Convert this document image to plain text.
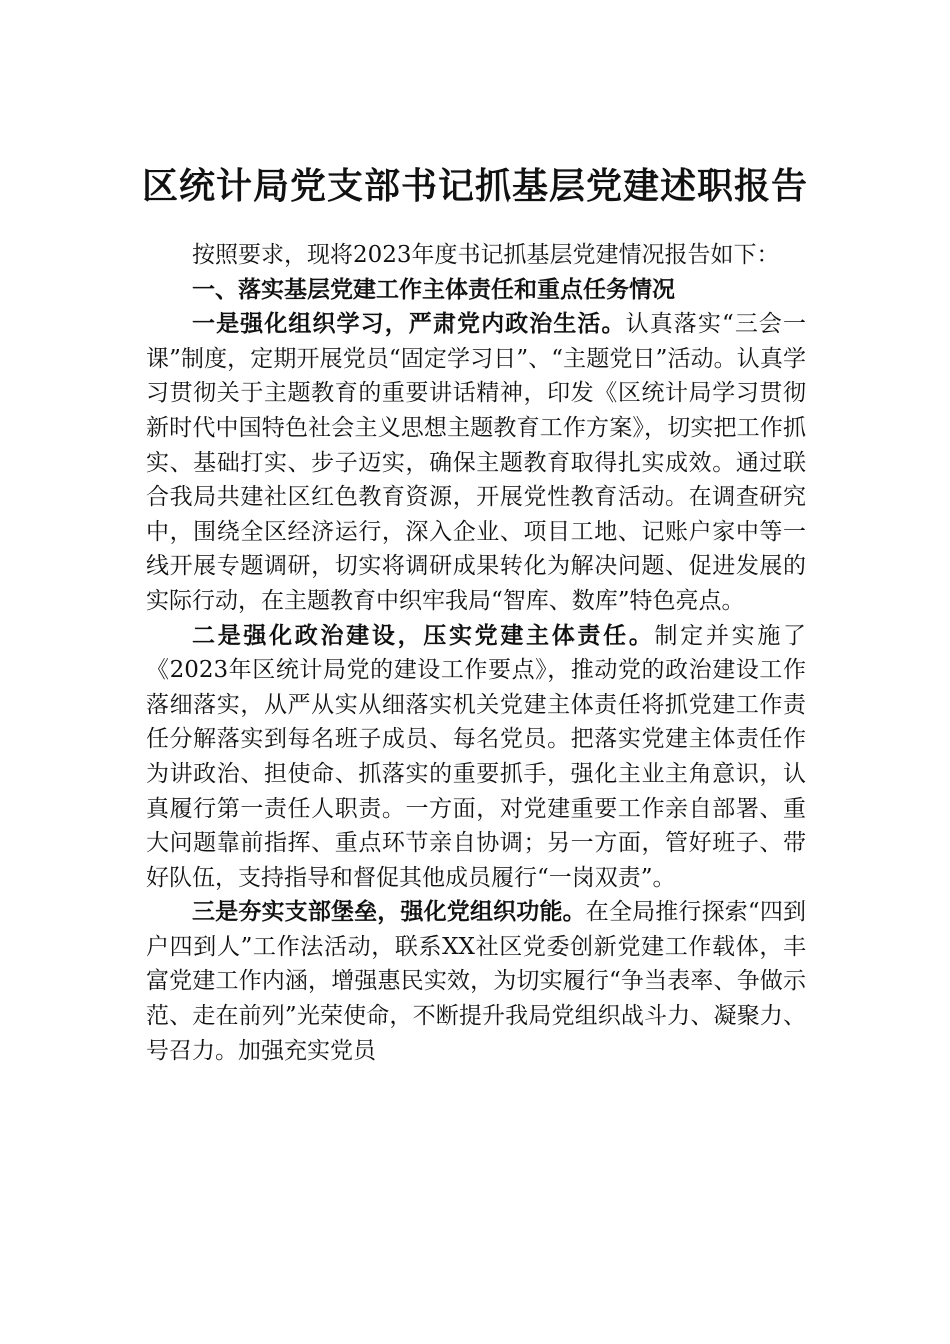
区统计局党支部书记抓基层党建述职报告

按照要求，现将2023年度书记抓基层党建情况报告如下：

一、落实基层党建工作主体责任和重点任务情况

一是强化组织学习，严肃党内政治生活。认真落实“三会一课”制度，定期开展党员“固定学习日”、“主题党日”活动。认真学习贯彻关于主题教育的重要讲话精神，印发《区统计局学习贯彻新时代中国特色社会主义思想主题教育工作方案》，切实把工作抓实、基础打实、步子迈实，确保主题教育取得扎实成效。通过联合我局共建社区红色教育资源，开展党性教育活动。在调查研究中，围绕全区经济运行，深入企业、项目工地、记账户家中等一线开展专题调研，切实将调研成果转化为解决问题、促进发展的实际行动，在主题教育中织牢我局“智库、数库”特色亮点。

二是强化政治建设，压实党建主体责任。制定并实施了《2023年区统计局党的建设工作要点》，推动党的政治建设工作落细落实，从严从实从细落实机关党建主体责任将抓党建工作责任分解落实到每名班子成员、每名党员。把落实党建主体责任作为讲政治、担使命、抓落实的重要抓手，强化主业主角意识，认真履行第一责任人职责。一方面，对党建重要工作亲自部署、重大问题靠前指挥、重点环节亲自协调；另一方面，管好班子、带好队伍，支持指导和督促其他成员履行“一岗双责”。

三是夯实支部堡垒，强化党组织功能。在全局推行探索“四到户四到人”工作法活动，联系XX社区党委创新党建工作载体，丰富党建工作内涵，增强惠民实效，为切实履行“争当表率、争做示范、走在前列”光荣使命，不断提升我局党组织战斗力、凝聚力、号召力。加强充实党员
